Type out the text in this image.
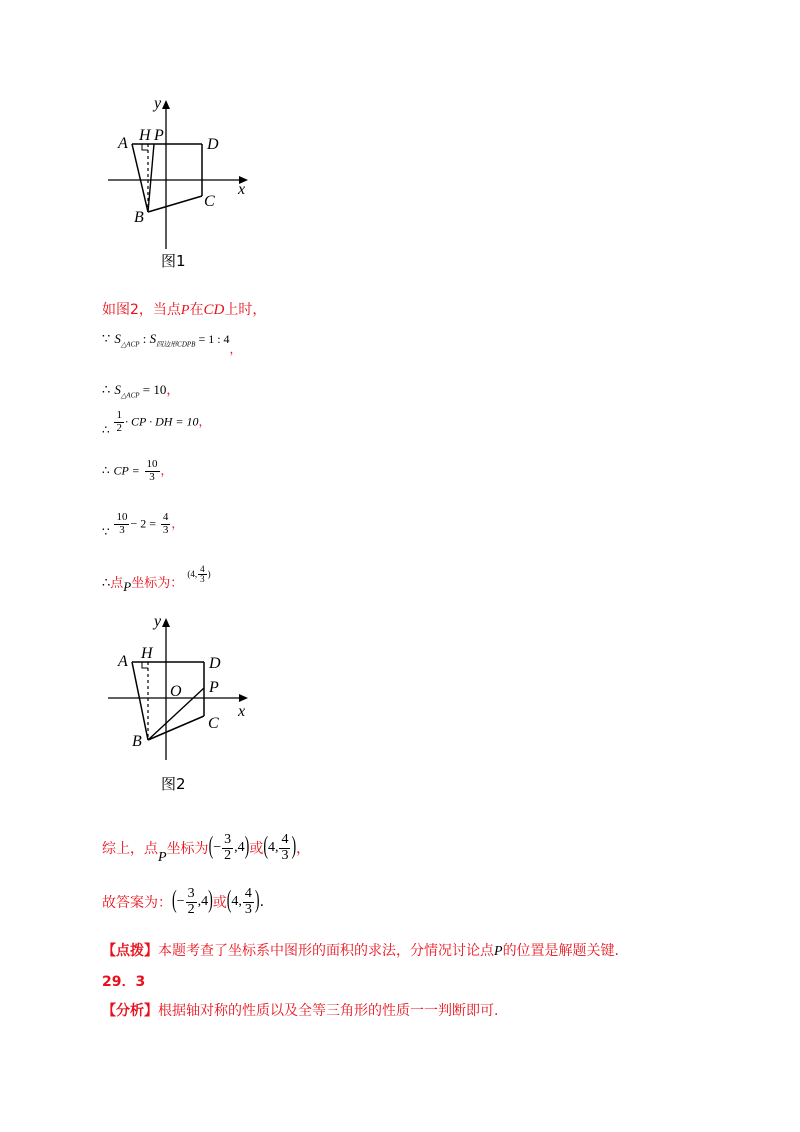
y
x
A H P
D
B
C
图1
如图2，当点P在CD上时，
∵ $S_{\triangle ACP}$ : $S_{四边形CDPB} = 1$ : 4，
∴ $S_{\triangle ACP} = 10$，
∴ $\frac{1}{2}$ · CP · DH = 10，
∴ CP = $\frac{10}{3}$ ，
∵ $\frac{10}{3} - 2 = \frac{4}{3}$ ，
∴点P坐标为： $^{(4, \frac{4}{3} )}$
y
x
A H
O
D
P
B
C
图2
综上，点
P
坐标为 ( − $\frac{3}{2} ,4$ ) 或 ( 4, $\frac{4}{3}$ ) ，
故答案为： ( − $\frac{3}{2} ,4$ ) 或 ( 4, $\frac{4}{3}$ ) .
【点拨】本题考查了坐标系中图形的面积的求法，分情况讨论点P的位置是解题关键.
29．3
【分析】根据轴对称的性质以及全等三角形的性质一一判断即可.
